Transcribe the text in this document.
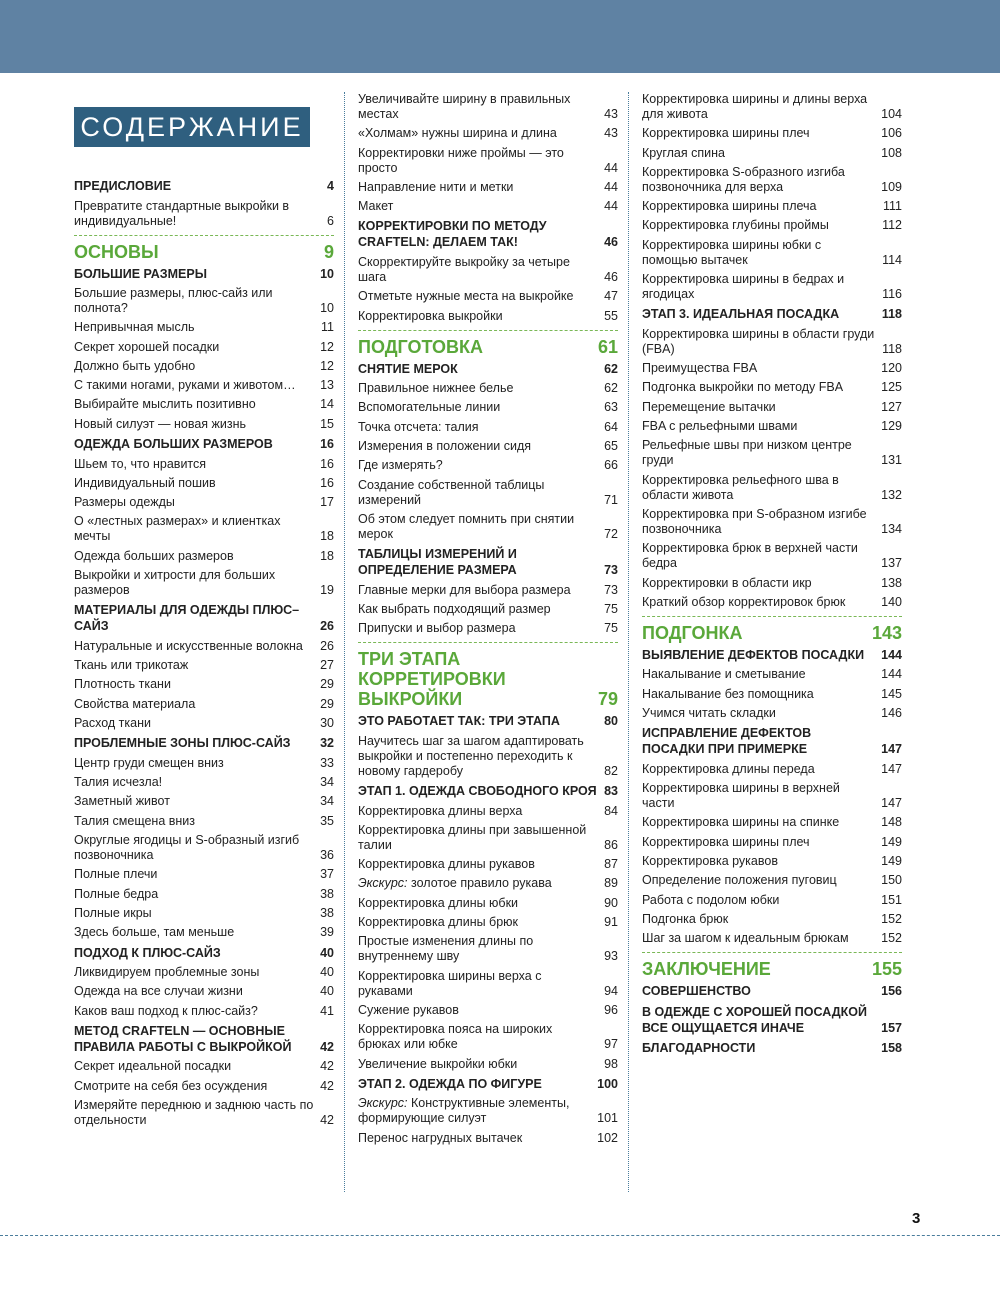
СОДЕРЖАНИЕ
ПРЕДИСЛОВИЕ	4
Превратите стандартные выкройки в индивидуальные!	6
ОСНОВЫ	9
БОЛЬШИЕ РАЗМЕРЫ	10
Большие размеры, плюс-сайз или полнота?	10
Непривычная мысль	11
Секрет хорошей посадки	12
Должно быть удобно	12
С такими ногами, руками и животом…	13
Выбирайте мыслить позитивно	14
Новый силуэт — новая жизнь	15
ОДЕЖДА БОЛЬШИХ РАЗМЕРОВ	16
Шьем то, что нравится	16
Индивидуальный пошив	16
Размеры одежды	17
О «лестных размерах» и клиентках мечты	18
Одежда больших размеров	18
Выкройки и хитрости для больших размеров	19
МАТЕРИАЛЫ ДЛЯ ОДЕЖДЫ ПЛЮС–САЙЗ	26
Натуральные и искусственные волокна	26
Ткань или трикотаж	27
Плотность ткани	29
Свойства материала	29
Расход ткани	30
ПРОБЛЕМНЫЕ ЗОНЫ ПЛЮС-САЙЗ	32
Центр груди смещен вниз	33
Талия исчезла!	34
Заметный живот	34
Талия смещена вниз	35
Округлые ягодицы и S-образный изгиб позвоночника	36
Полные плечи	37
Полные бедра	38
Полные икры	38
Здесь больше, там меньше	39
ПОДХОД К ПЛЮС-САЙЗ	40
Ликвидируем проблемные зоны	40
Одежда на все случаи жизни	40
Каков ваш подход к плюс-сайз?	41
МЕТОД CRAFTELN — ОСНОВНЫЕ ПРАВИЛА РАБОТЫ С ВЫКРОЙКОЙ	42
Секрет идеальной посадки	42
Смотрите на себя без осуждения	42
Измеряйте переднюю и заднюю часть по отдельности	42
Увеличивайте ширину в правильных местах	43
«Холмам» нужны ширина и длина	43
Корректировки ниже проймы — это просто	44
Направление нити и метки	44
Макет	44
КОРРЕКТИРОВКИ ПО МЕТОДУ CRAFTELN: ДЕЛАЕМ ТАК!	46
Скорректируйте выкройку за четыре шага	46
Отметьте нужные места на выкройке	47
Корректировка выкройки	55
ПОДГОТОВКА	61
СНЯТИЕ МЕРОК	62
Правильное нижнее белье	62
Вспомогательные линии	63
Точка отсчета: талия	64
Измерения в положении сидя	65
Где измерять?	66
Создание собственной таблицы измерений	71
Об этом следует помнить при снятии мерок	72
ТАБЛИЦЫ ИЗМЕРЕНИЙ И ОПРЕДЕЛЕНИЕ РАЗМЕРА	73
Главные мерки для выбора размера	73
Как выбрать подходящий размер	75
Припуски и выбор размера	75
ТРИ ЭТАПА КОРРЕТИРОВКИ ВЫКРОЙКИ	79
ЭТО РАБОТАЕТ ТАК: ТРИ ЭТАПА	80
Научитесь шаг за шагом адаптировать выкройки и постепенно переходить к новому гардеробу	82
ЭТАП 1. ОДЕЖДА СВОБОДНОГО КРОЯ 83
Корректировка длины верха	84
Корректировка длины при завышенной талии	86
Корректировка длины рукавов	87
Экскурс: золотое правило рукава	89
Корректировка длины юбки	90
Корректировка длины брюк	91
Простые изменения длины по внутреннему шву	93
Корректировка ширины верха с рукавами	94
Сужение рукавов	96
Корректировка пояса на широких брюках или юбке	97
Увеличение выкройки юбки	98
ЭТАП 2. ОДЕЖДА ПО ФИГУРЕ	100
Экскурс: Конструктивные элементы, формирующие силуэт	101
Перенос нагрудных вытачек	102
Корректировка ширины и длины верха для живота	104
Корректировка ширины плеч	106
Круглая спина	108
Корректировка S-образного изгиба позвоночника для верха	109
Корректировка ширины плеча	111
Корректировка глубины проймы	112
Корректировка ширины юбки с помощью вытачек	114
Корректировка ширины в бедрах и ягодицах	116
ЭТАП 3. ИДЕАЛЬНАЯ ПОСАДКА	118
Корректировка ширины в области груди (FBA)	118
Преимущества FBA	120
Подгонка выкройки по методу FBA	125
Перемещение вытачки	127
FBA с рельефными швами	129
Рельефные швы при низком центре груди	131
Корректировка рельефного шва в области живота	132
Корректировка при S-образном изгибе позвоночника	134
Корректировка брюк в верхней части бедра	137
Корректировки в области икр	138
Краткий обзор корректировок брюк	140
ПОДГОНКА	143
ВЫЯВЛЕНИЕ ДЕФЕКТОВ ПОСАДКИ	144
Накалывание и сметывание	144
Накалывание без помощника	145
Учимся читать складки	146
ИСПРАВЛЕНИЕ ДЕФЕКТОВ ПОСАДКИ ПРИ ПРИМЕРКЕ	147
Корректировка длины переда	147
Корректировка ширины в верхней части	147
Корректировка ширины на спинке	148
Корректировка ширины плеч	149
Корректировка рукавов	149
Определение положения пуговиц	150
Работа с подолом юбки	151
Подгонка брюк	152
Шаг за шагом к идеальным брюкам	152
ЗАКЛЮЧЕНИЕ	155
СОВЕРШЕНСТВО	156
В ОДЕЖДЕ С ХОРОШЕЙ ПОСАДКОЙ ВСЕ ОЩУЩАЕТСЯ ИНАЧЕ	157
БЛАГОДАРНОСТИ	158
3
